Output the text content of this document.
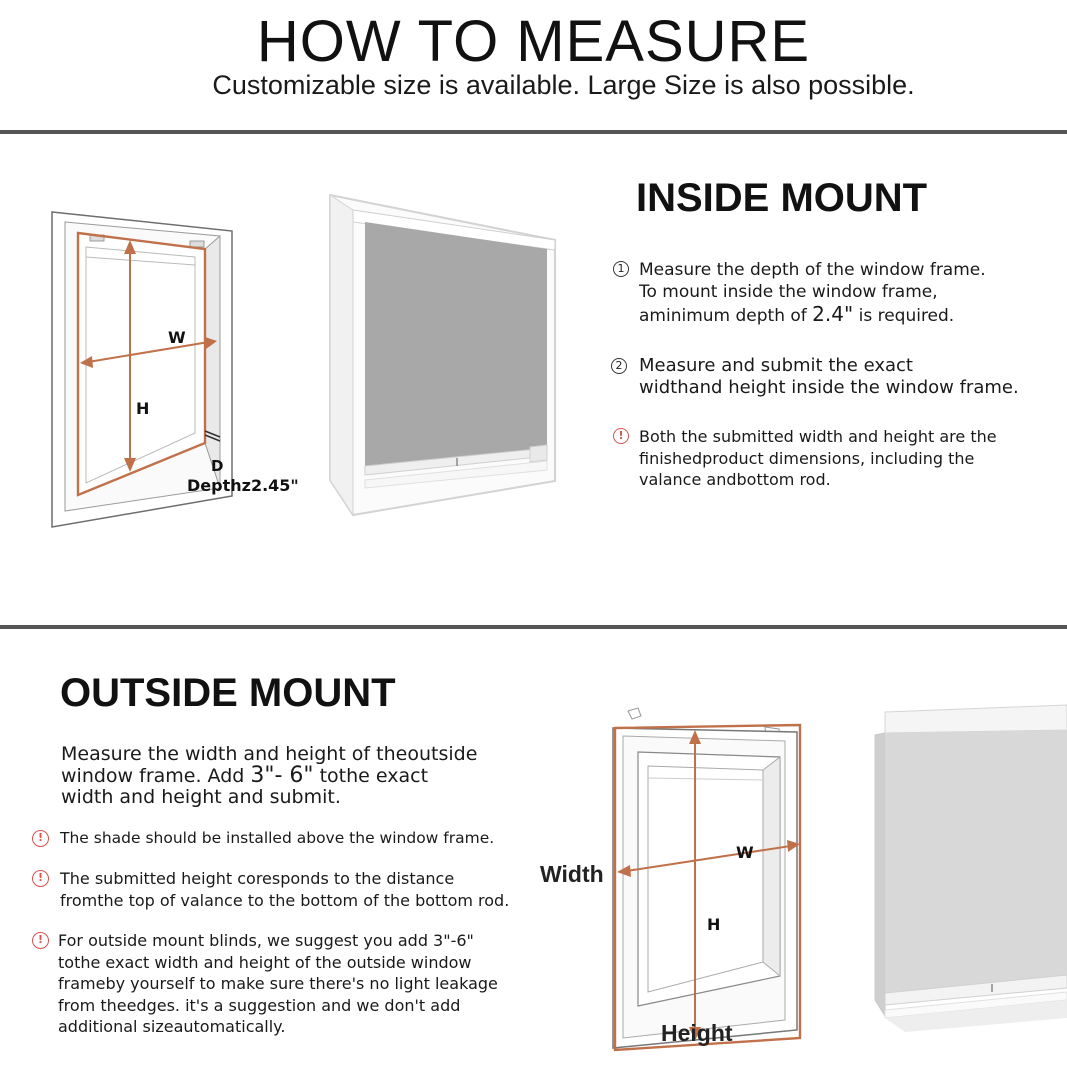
HOW TO MEASURE
Customizable size is available. Large Size is also possible.
W
H
D
Depthz2.45"
INSIDE MOUNT
1 Measure the depth of the window frame.
To mount inside the window frame,
aminimum depth of 2.4" is required.
2 Measure and submit the exact
widthand height inside the window frame.
! Both the submitted width and height are the
finishedproduct dimensions, including the
valance andbottom rod.
OUTSIDE MOUNT
Measure the width and height of theoutside
window frame. Add 3"- 6" tothe exact
width and height and submit.
!	The shade should be installed above the window frame.
!	The submitted height coresponds to the distance
fromthe top of valance to the bottom of the bottom rod.
! For outside mount blinds, we suggest you add 3"-6"
tothe exact width and height of the outside window
frameby yourself to make sure there's no light leakage
from theedges. it's a suggestion and we don't add
additional sizeautomatically.
W
H
Width
Height
